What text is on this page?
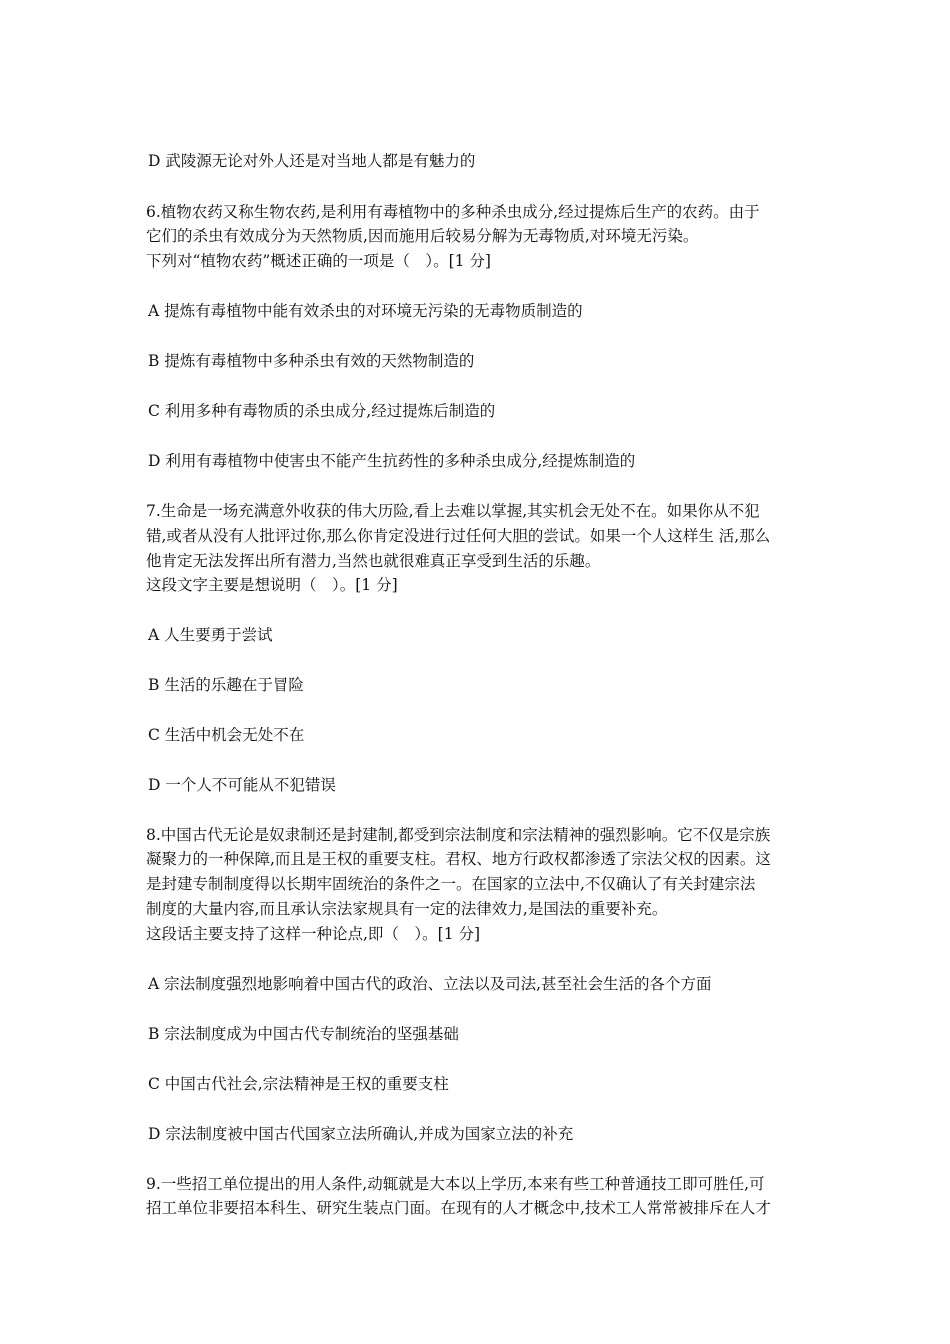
D 武陵源无论对外人还是对当地人都是有魅力的
6.植物农药又称生物农药,是利用有毒植物中的多种杀虫成分,经过提炼后生产的农药。由于
它们的杀虫有效成分为天然物质,因而施用后较易分解为无毒物质,对环境无污染。
下列对“植物农药”概述正确的一项是（　）。[1 分]
A 提炼有毒植物中能有效杀虫的对环境无污染的无毒物质制造的
B 提炼有毒植物中多种杀虫有效的天然物制造的
C 利用多种有毒物质的杀虫成分,经过提炼后制造的
D 利用有毒植物中使害虫不能产生抗药性的多种杀虫成分,经提炼制造的
7.生命是一场充满意外收获的伟大历险,看上去难以掌握,其实机会无处不在。如果你从不犯
错,或者从没有人批评过你,那么你肯定没进行过任何大胆的尝试。如果一个人这样生 活,那么
他肯定无法发挥出所有潜力,当然也就很难真正享受到生活的乐趣。
这段文字主要是想说明（　）。[1 分]
A 人生要勇于尝试
B 生活的乐趣在于冒险
C 生活中机会无处不在
D 一个人不可能从不犯错误
8.中国古代无论是奴隶制还是封建制,都受到宗法制度和宗法精神的强烈影响。它不仅是宗族
凝聚力的一种保障,而且是王权的重要支柱。君权、地方行政权都渗透了宗法父权的因素。这
是封建专制制度得以长期牢固统治的条件之一。在国家的立法中,不仅确认了有关封建宗法
制度的大量内容,而且承认宗法家规具有一定的法律效力,是国法的重要补充。
这段话主要支持了这样一种论点,即（　）。[1 分]
A 宗法制度强烈地影响着中国古代的政治、立法以及司法,甚至社会生活的各个方面
B 宗法制度成为中国古代专制统治的坚强基础
C 中国古代社会,宗法精神是王权的重要支柱
D 宗法制度被中国古代国家立法所确认,并成为国家立法的补充
9.一些招工单位提出的用人条件,动辄就是大本以上学历,本来有些工种普通技工即可胜任,可
招工单位非要招本科生、研究生装点门面。在现有的人才概念中,技术工人常常被排斥在人才
